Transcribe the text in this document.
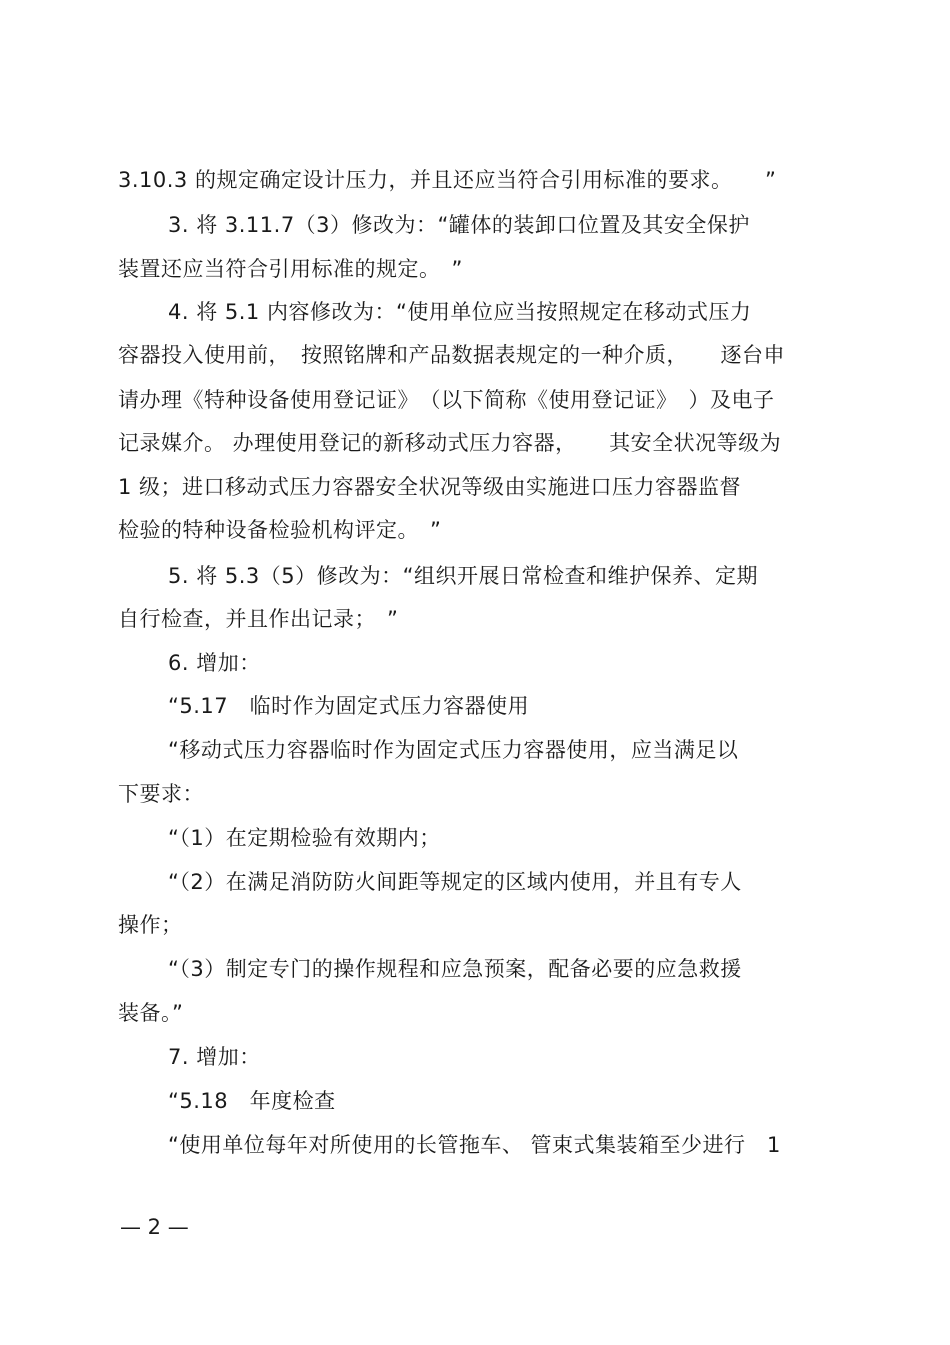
3.10.3 的规定确定设计压力，并且还应当符合引用标准的要求。　　”
3. 将 3.11.7（3）修改为：“罐体的装卸口位置及其安全保护
装置还应当符合引用标准的规定。　”
4. 将 5.1 内容修改为：“使用单位应当按照规定在移动式压力
容器投入使用前，　按照铭牌和产品数据表规定的一种介质，　　逐台申
请办理《特种设备使用登记证》　（以下简称《使用登记证》　）及电子
记录媒介。 办理使用登记的新移动式压力容器，　　其安全状况等级为
1 级；进口移动式压力容器安全状况等级由实施进口压力容器监督
检验的特种设备检验机构评定。　”
5. 将 5.3（5）修改为：“组织开展日常检查和维护保养、定期
自行检查，并且作出记录；　”
6. 增加：
“5.17　临时作为固定式压力容器使用
“移动式压力容器临时作为固定式压力容器使用，应当满足以
下要求：
“（1）在定期检验有效期内；
“（2）在满足消防防火间距等规定的区域内使用，并且有专人
操作；
“（3）制定专门的操作规程和应急预案，配备必要的应急救援
装备。”
7. 增加：
“5.18　年度检查
“使用单位每年对所使用的长管拖车、 管束式集装箱至少进行　1
— 2 —
